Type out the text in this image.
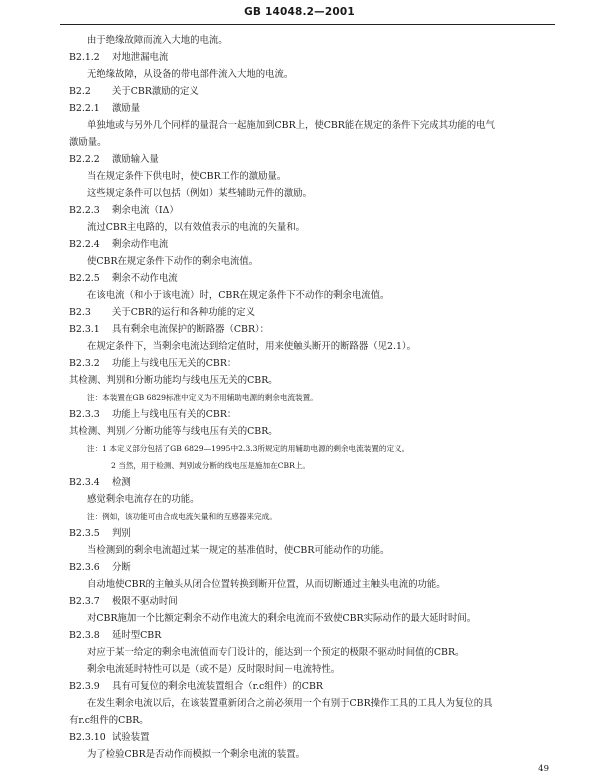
GB 14048.2—2001
由于绝缘故障而流入大地的电流。
B2.1.2 对地泄漏电流
无绝缘故障，从设备的带电部件流入大地的电流。
B2.2 关于CBR激励的定义
B2.2.1 激励量
单独地或与另外几个同样的量混合一起施加到CBR上，使CBR能在规定的条件下完成其功能的电气
激励量。
B2.2.2 激励输入量
当在规定条件下供电时，使CBR工作的激励量。
这些规定条件可以包括（例如）某些辅助元件的激励。
B2.2.3 剩余电流（IΔ）
流过CBR主电路的，以有效值表示的电流的矢量和。
B2.2.4 剩余动作电流
使CBR在规定条件下动作的剩余电流值。
B2.2.5 剩余不动作电流
在该电流（和小于该电流）时，CBR在规定条件下不动作的剩余电流值。
B2.3 关于CBR的运行和各种功能的定义
B2.3.1 具有剩余电流保护的断路器（CBR）：
在规定条件下，当剩余电流达到给定值时，用来使触头断开的断路器（见2.1）。
B2.3.2 功能上与线电压无关的CBR：
其检测、判别和分断功能均与线电压无关的CBR。
注：本装置在GB 6829标准中定义为不用辅助电源的剩余电流装置。
B2.3.3 功能上与线电压有关的CBR：
其检测、判别／分断功能等与线电压有关的CBR。
注：1 本定义部分包括了GB 6829—1995中2.3.3所规定的用辅助电源的剩余电流装置的定义。
2 当然，用于检测、判别或分断的线电压是施加在CBR上。
B2.3.4 检测
感觉剩余电流存在的功能。
注：例如，该功能可由合成电流矢量和的互感器来完成。
B2.3.5 判别
当检测到的剩余电流超过某一规定的基准值时，使CBR可能动作的功能。
B2.3.6 分断
自动地使CBR的主触头从闭合位置转换到断开位置，从而切断通过主触头电流的功能。
B2.3.7 极限不驱动时间
对CBR施加一个比额定剩余不动作电流大的剩余电流而不致使CBR实际动作的最大延时时间。
B2.3.8 延时型CBR
对应于某一给定的剩余电流值而专门设计的，能达到一个预定的极限不驱动时间值的CBR。
剩余电流延时特性可以是（或不是）反时限时间－电流特性。
B2.3.9 具有可复位的剩余电流装置组合（r.c组件）的CBR
在发生剩余电流以后，在该装置重新闭合之前必须用一个有别于CBR操作工具的工具人为复位的具
有r.c组件的CBR。
B2.3.10 试验装置
为了检验CBR是否动作而模拟一个剩余电流的装置。
49
